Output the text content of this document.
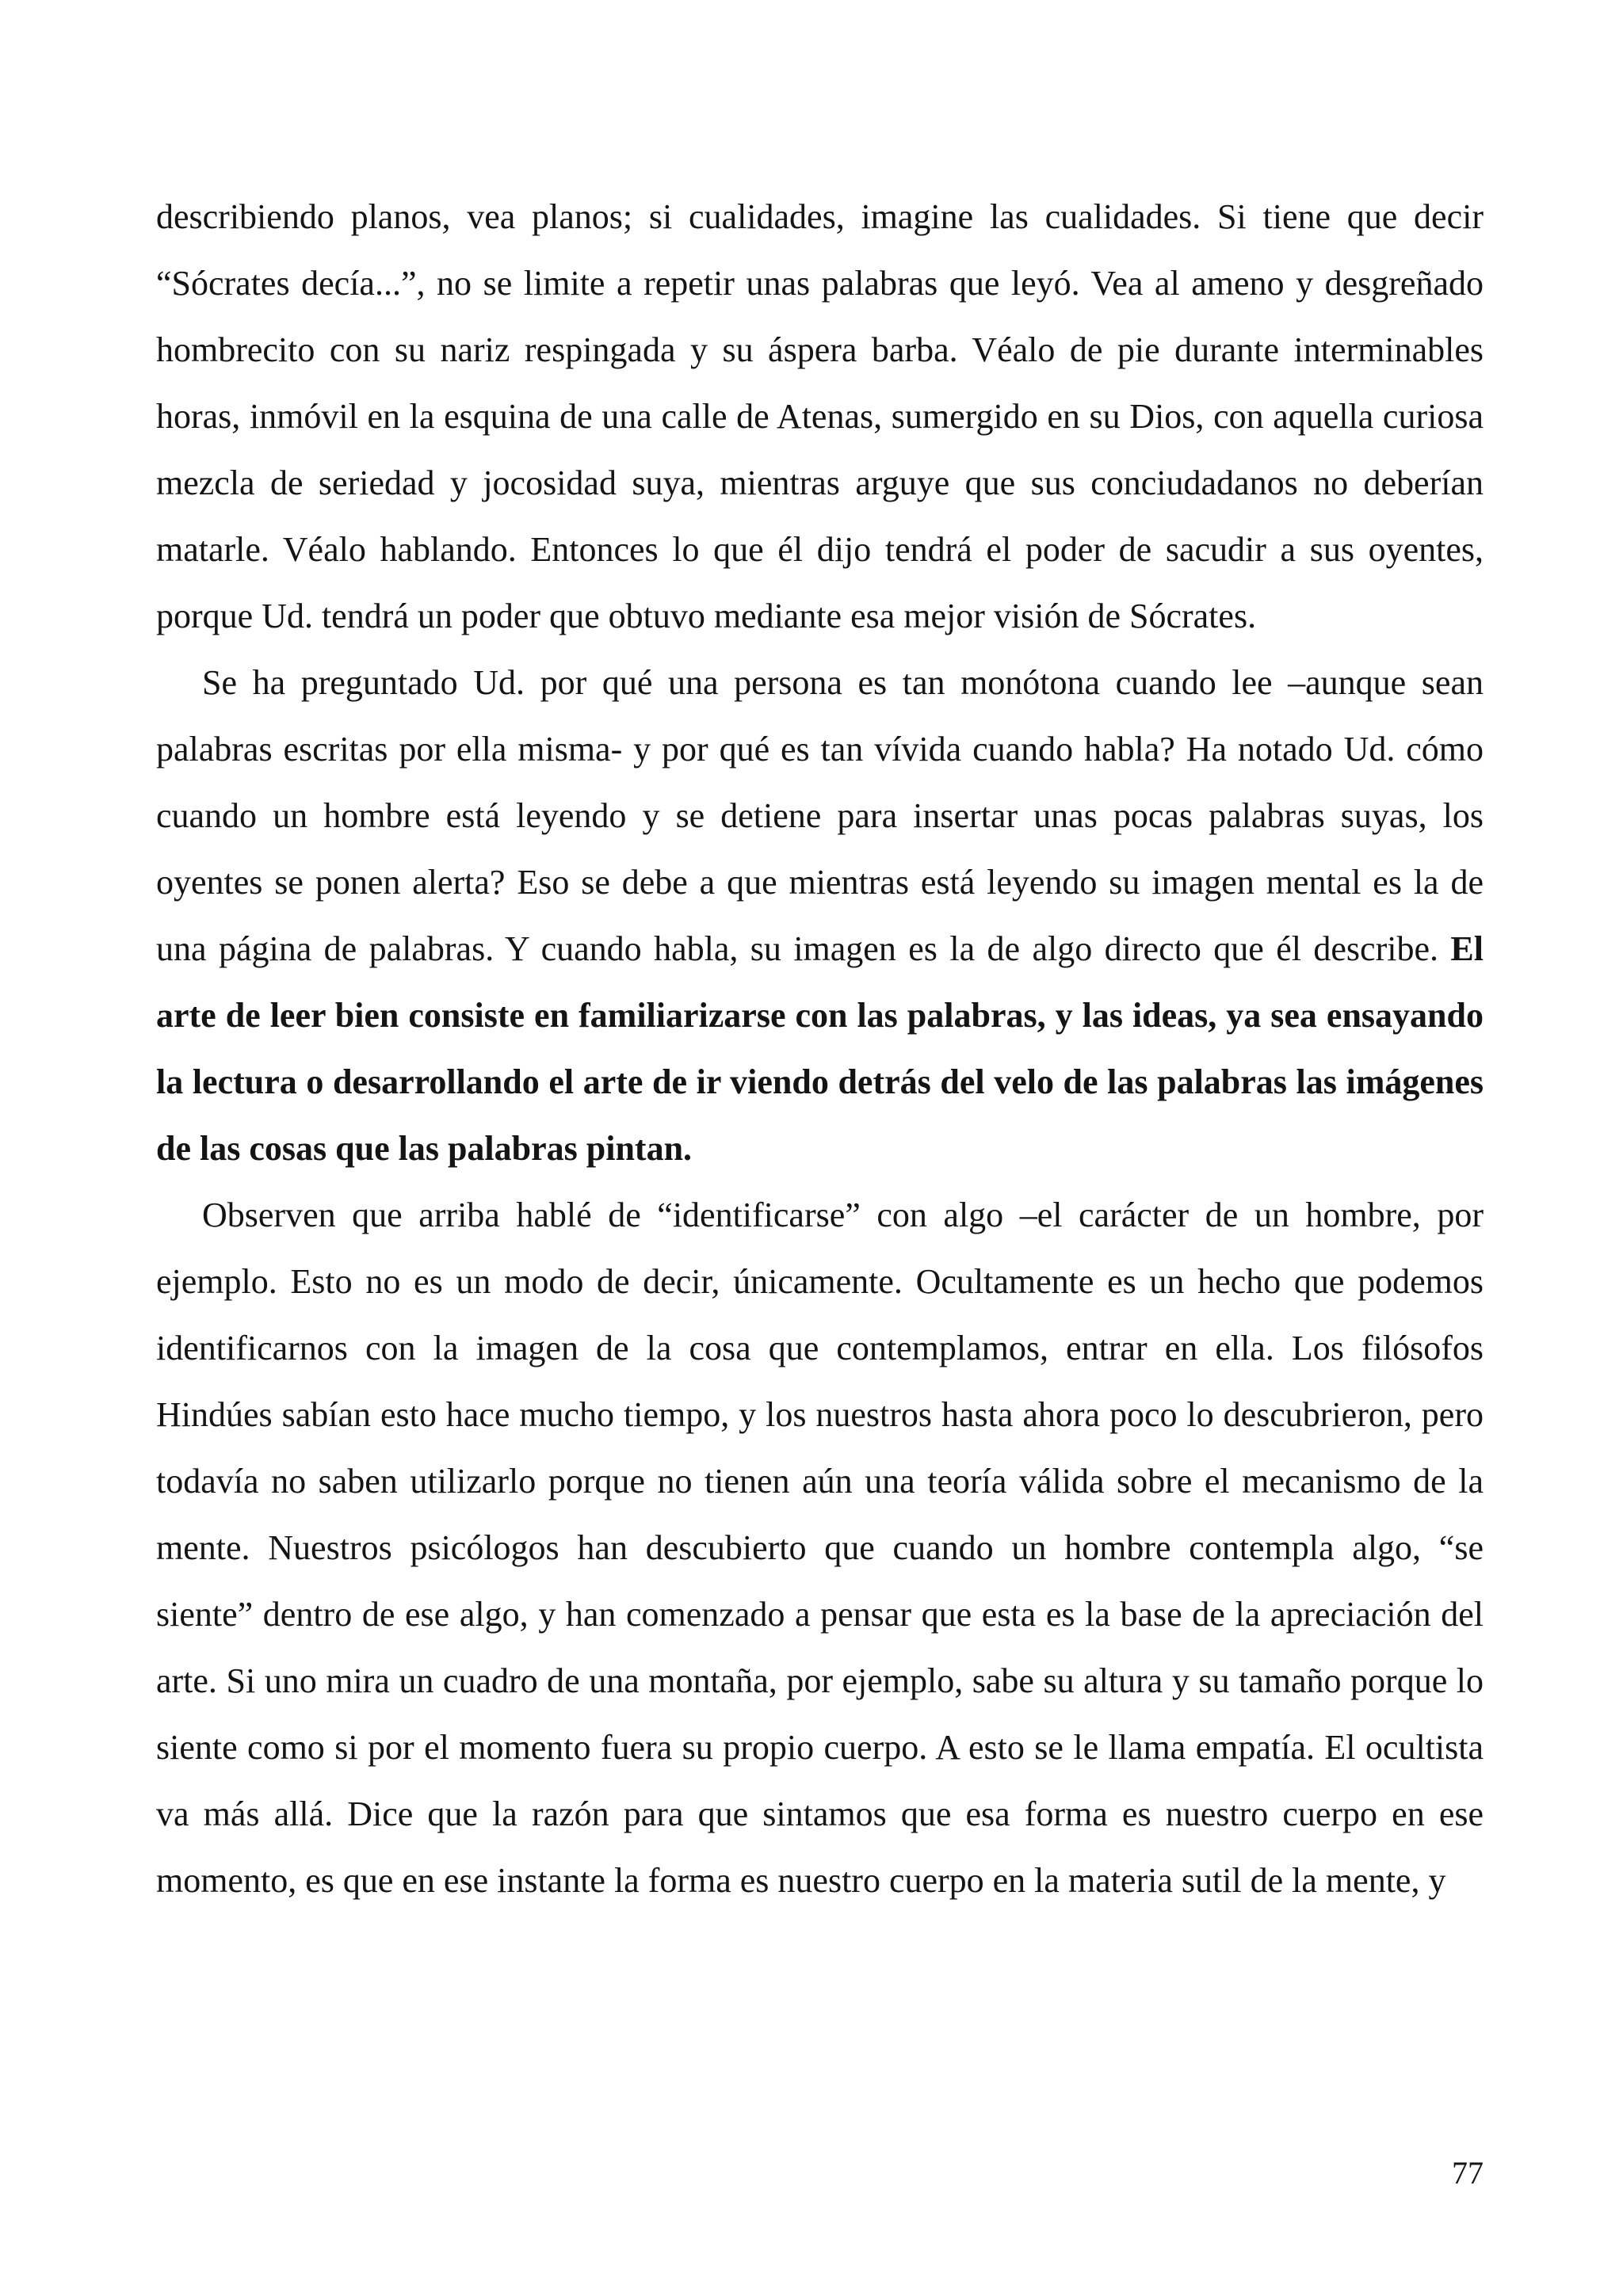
describiendo planos, vea planos; si cualidades, imagine las cualidades. Si tiene que decir “Sócrates decía...”, no se limite a repetir unas palabras que leyó. Vea al ameno y desgreñado hombrecito con su nariz respingada y su áspera barba. Véalo de pie durante interminables horas, inmóvil en la esquina de una calle de Atenas, sumergido en su Dios, con aquella curiosa mezcla de seriedad y jocosidad suya, mientras arguye que sus conciudadanos no deberían matarle. Véalo hablando. Entonces lo que él dijo tendrá el poder de sacudir a sus oyentes, porque Ud. tendrá un poder que obtuvo mediante esa mejor visión de Sócrates.

Se ha preguntado Ud. por qué una persona es tan monótona cuando lee –aunque sean palabras escritas por ella misma- y por qué es tan vívida cuando habla? Ha notado Ud. cómo cuando un hombre está leyendo y se detiene para insertar unas pocas palabras suyas, los oyentes se ponen alerta? Eso se debe a que mientras está leyendo su imagen mental es la de una página de palabras. Y cuando habla, su imagen es la de algo directo que él describe. El arte de leer bien consiste en familiarizarse con las palabras, y las ideas, ya sea ensayando la lectura o desarrollando el arte de ir viendo detrás del velo de las palabras las imágenes de las cosas que las palabras pintan.

Observen que arriba hablé de “identificarse” con algo –el carácter de un hombre, por ejemplo. Esto no es un modo de decir, únicamente. Ocultamente es un hecho que podemos identificarnos con la imagen de la cosa que contemplamos, entrar en ella. Los filósofos Hindúes sabían esto hace mucho tiempo, y los nuestros hasta ahora poco lo descubrieron, pero todavía no saben utilizarlo porque no tienen aún una teoría válida sobre el mecanismo de la mente. Nuestros psicólogos han descubierto que cuando un hombre contempla algo, “se siente” dentro de ese algo, y han comenzado a pensar que esta es la base de la apreciación del arte. Si uno mira un cuadro de una montaña, por ejemplo, sabe su altura y su tamaño porque lo siente como si por el momento fuera su propio cuerpo. A esto se le llama empatía. El ocultista va más allá. Dice que la razón para que sintamos que esa forma es nuestro cuerpo en ese momento, es que en ese instante la forma es nuestro cuerpo en la materia sutil de la mente, y

77
